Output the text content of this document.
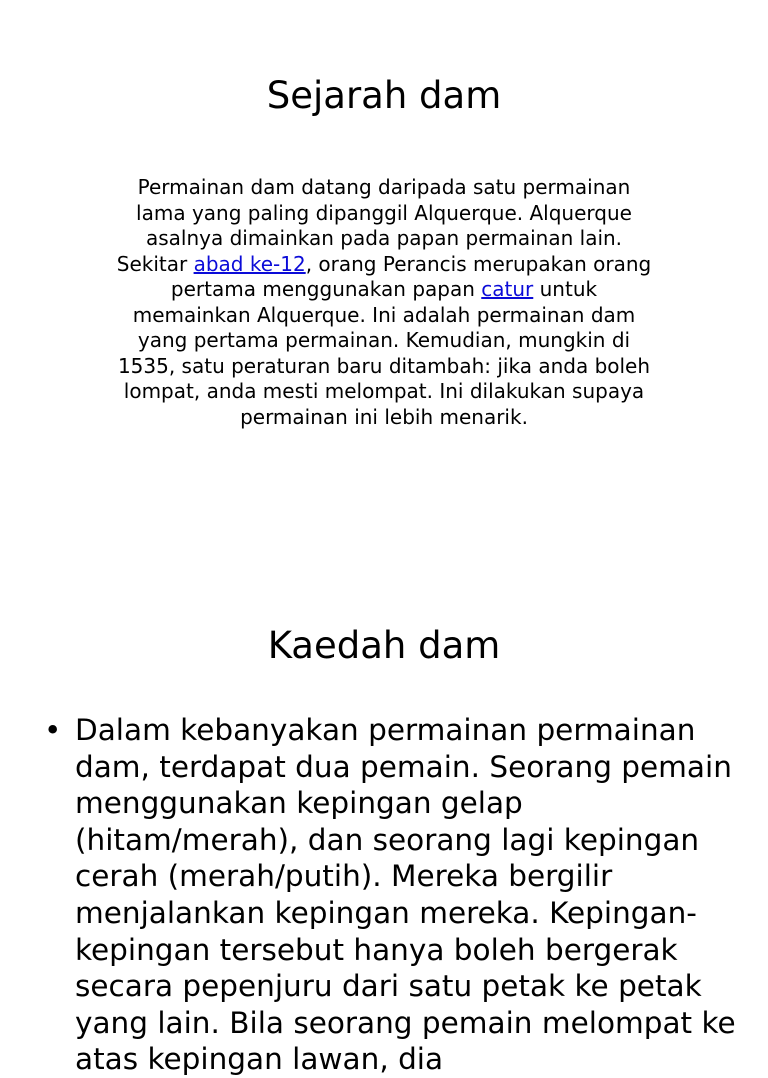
Sejarah dam

Permainan dam datang daripada satu permainan lama yang paling dipanggil Alquerque. Alquerque asalnya dimainkan pada papan permainan lain. Sekitar abad ke-12, orang Perancis merupakan orang pertama menggunakan papan catur untuk memainkan Alquerque. Ini adalah permainan dam yang pertama permainan. Kemudian, mungkin di 1535, satu peraturan baru ditambah: jika anda boleh lompat, anda mesti melompat. Ini dilakukan supaya permainan ini lebih menarik.

Kaedah dam
• Dalam kebanyakan permainan permainan dam, terdapat dua pemain. Seorang pemain menggunakan kepingan gelap (hitam/merah), dan seorang lagi kepingan cerah (merah/putih). Mereka bergilir menjalankan kepingan mereka. Kepingan-kepingan tersebut hanya boleh bergerak secara pepenjuru dari satu petak ke petak yang lain. Bila seorang pemain melompat ke atas kepingan lawan, dia
